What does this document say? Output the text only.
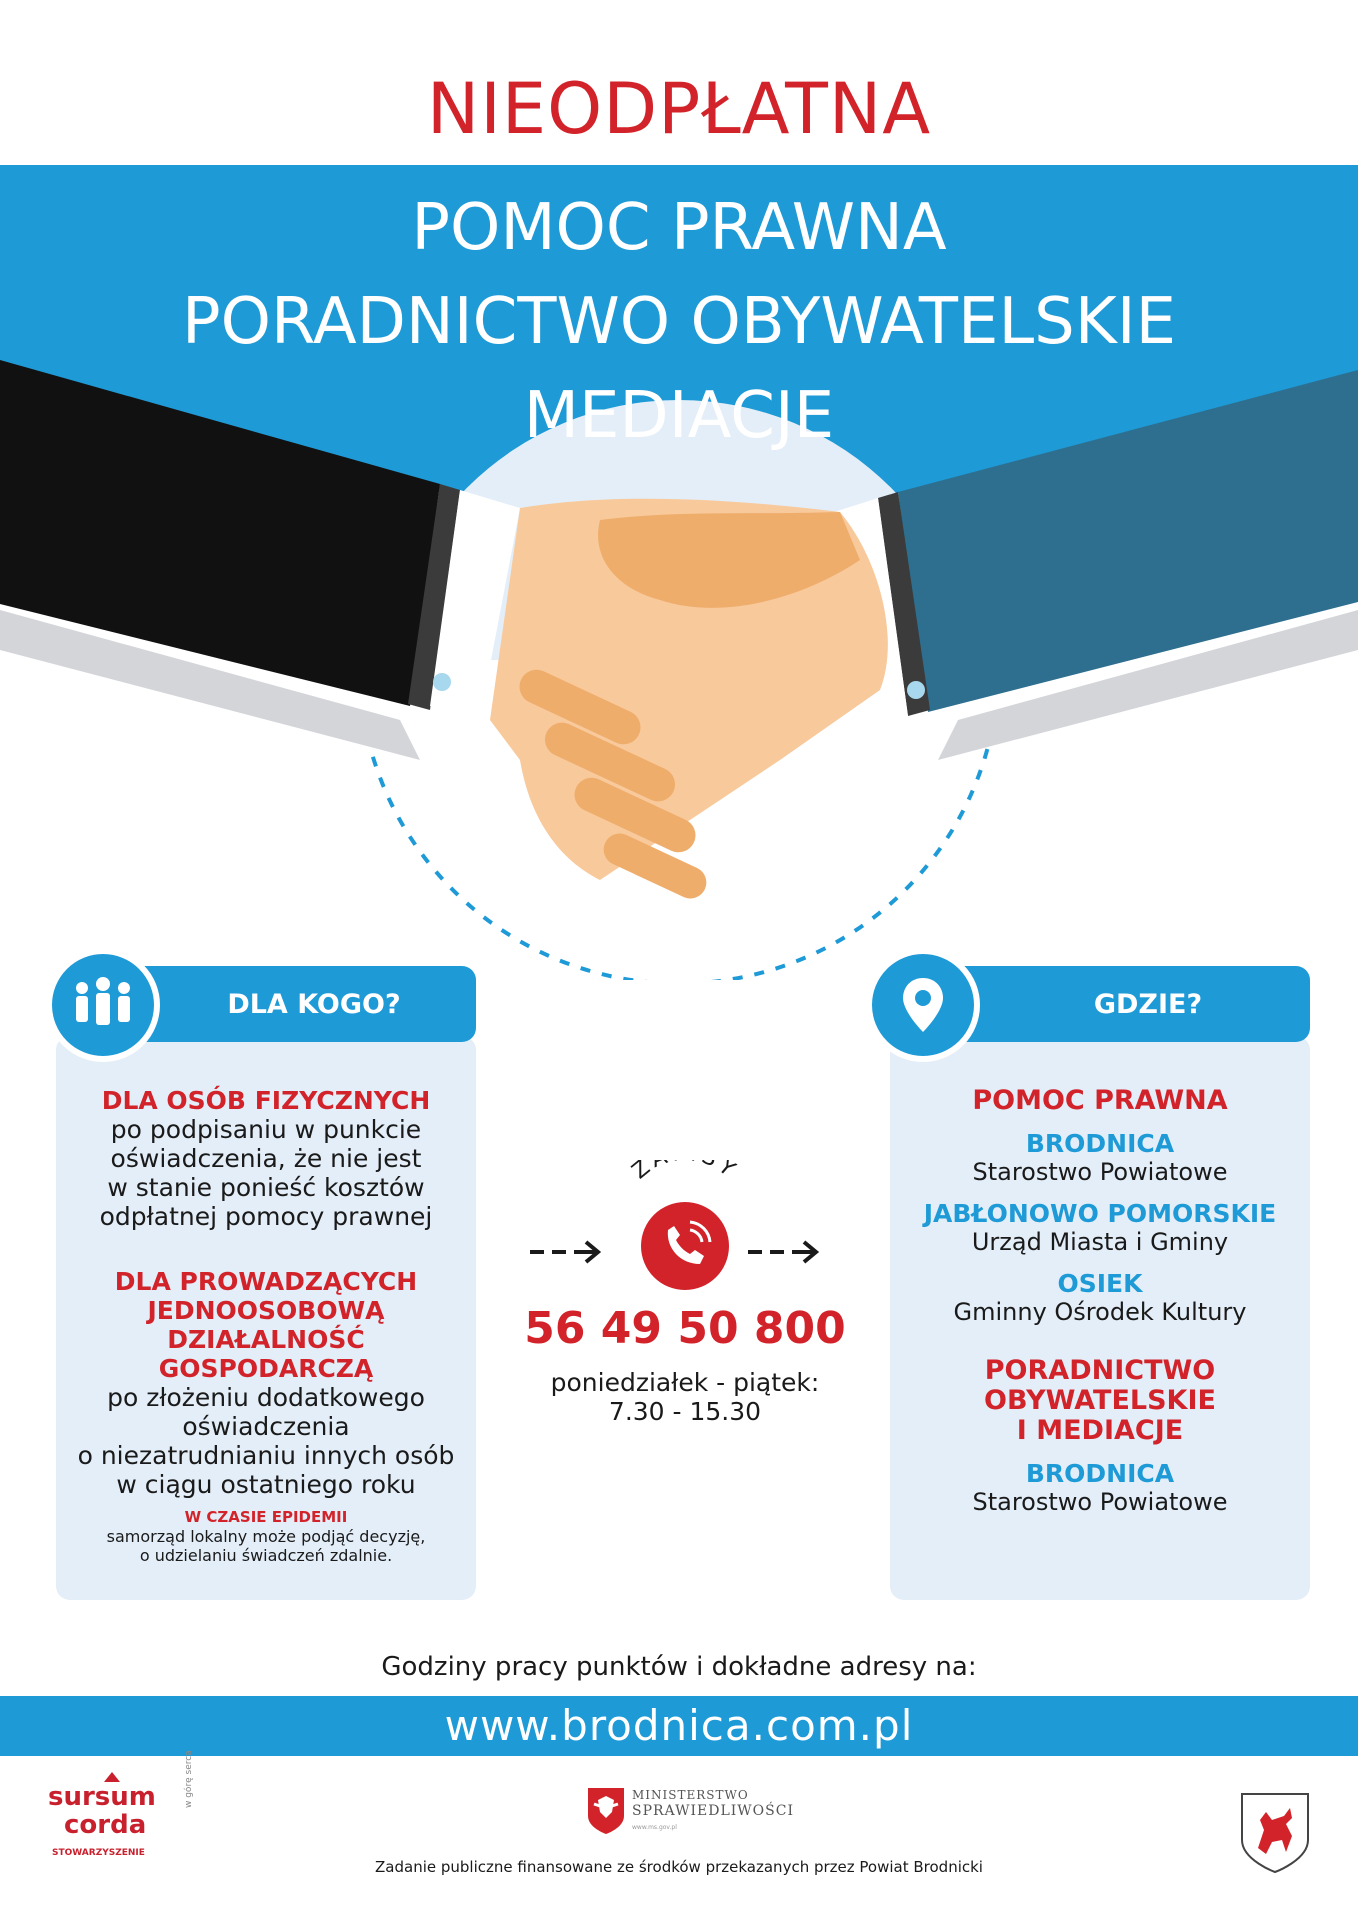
NIEODPŁATNA
POMOC PRAWNA
PORADNICTWO OBYWATELSKIE
MEDIACJE
DLA KOGO?
DLA OSÓB FIZYCZNYCH
po podpisaniu w punkcie
oświadczenia, że nie jest
w stanie ponieść kosztów
odpłatnej pomocy prawnej
DLA PROWADZĄCYCH
JEDNOOSOBOWĄ
DZIAŁALNOŚĆ GOSPODARCZĄ
po złożeniu dodatkowego
oświadczenia
o niezatrudnianiu innych osób
w ciągu ostatniego roku
W CZASIE EPIDEMII
samorząd lokalny może podjąć decyzję,
o udzielaniu świadczeń zdalnie.
Z Y
56 49 50 800
poniedziałek - piątek:
7.30 - 15.30
GDZIE?
POMOC PRAWNA
BRODNICA
Starostwo Powiatowe
JABŁONOWO POMORSKIE
Urząd Miasta i Gminy
OSIEK
Gminny Ośrodek Kultury
PORADNICTWO
OBYWATELSKIE
I MEDIACJE
BRODNICA
Starostwo Powiatowe
Godziny pracy punktów i dokładne adresy na:
www.brodnica.com.pl
sursum
corda
STOWARZYSZENIE
w górę serca	MINISTERSTWO
SPRAWIEDLIWOŚCI
www.ms.gov.pl
Zadanie publiczne finansowane ze środków przekazanych przez Powiat Brodnicki
